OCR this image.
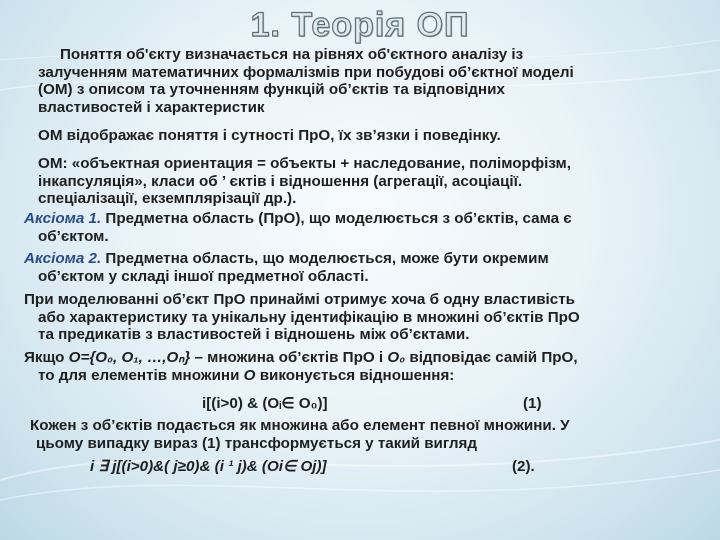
1. Теорія ОП
Поняття об'єкту визначається на рівнях об'єктного аналізу із
залученням математичних формалізмів при побудові об’єктної моделі
(ОМ) з описом та уточненням функцій об’єктів та відповідних
властивостей і характеристик
ОМ відображає поняття і сутності ПрО, їх зв’язки і поведінку.
ОМ: «объектная ориентация = объекты + наследование, поліморфізм,
інкапсуляція», класи об ’ єктів і відношення (агрегації, асоціації.
спеціалізації, екземплярізації др.).
Аксіома 1. Предметна область (ПрО), що моделюється з об’єктів, сама є
об’єктом.
Аксіома 2. Предметна область, що моделюється, може бути окремим
об’єктом у складі іншої предметної області.
При моделюванні об’єкт ПрО принаймі отримує хоча б одну властивість
або характеристику та унікальну ідентифікацію в множині об’єктів ПрО
та предикатів з властивостей і відношень між об’єктами.
Якщо O={O₀, O₁, …,Oₙ} – множина об’єктів ПрО і O₀ відповідає самій ПрО,
то для елементів множини O виконується відношення:
i[(i>0) & (Oᵢ∈ O₀)]	(1)
Кожен з об’єктів подається як множина або елемент певної множини. У
цьому випадку вираз (1) трансформується у такий вигляд
i ∃ j[(i>0)&( j≥0)& (i ¹ j)& (Oi∈ Oj)]	(2).
